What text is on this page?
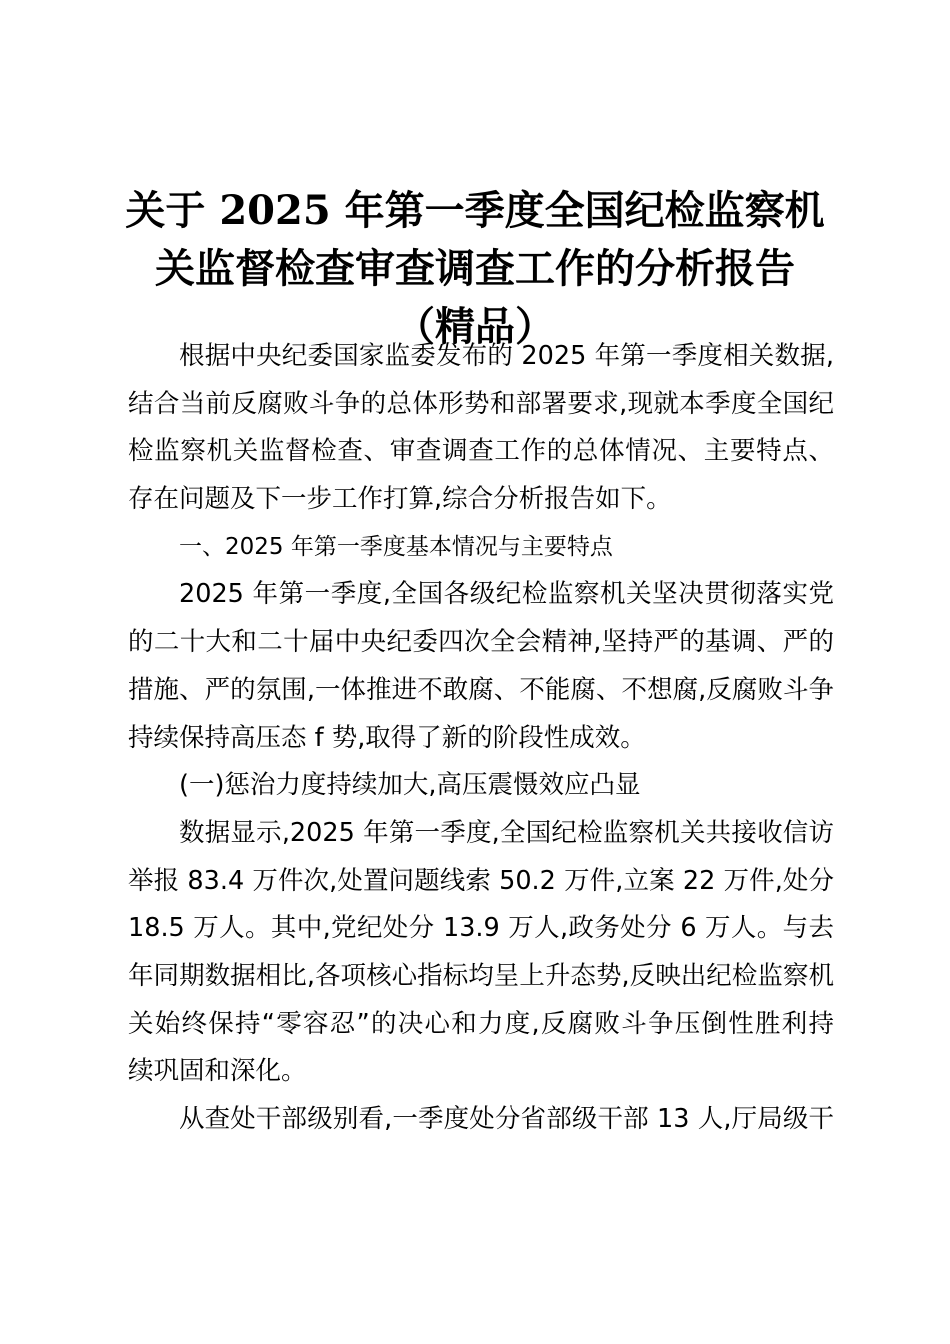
关于 2025 年第一季度全国纪检监察机
关监督检查审查调查工作的分析报告
（精品）
根据中央纪委国家监委发布的 2025 年第一季度相关数据,
结合当前反腐败斗争的总体形势和部署要求,现就本季度全国纪
检监察机关监督检查、审查调查工作的总体情况、主要特点、
存在问题及下一步工作打算,综合分析报告如下。
一、2025 年第一季度基本情况与主要特点
2025 年第一季度,全国各级纪检监察机关坚决贯彻落实党
的二十大和二十届中央纪委四次全会精神,坚持严的基调、严的
措施、严的氛围,一体推进不敢腐、不能腐、不想腐,反腐败斗争
持续保持高压态 f 势,取得了新的阶段性成效。
(一)惩治力度持续加大,高压震慑效应凸显
数据显示,2025 年第一季度,全国纪检监察机关共接收信访
举报 83.4 万件次,处置问题线索 50.2 万件,立案 22 万件,处分
18.5 万人。其中,党纪处分 13.9 万人,政务处分 6 万人。与去
年同期数据相比,各项核心指标均呈上升态势,反映出纪检监察机
关始终保持“零容忍”的决心和力度,反腐败斗争压倒性胜利持
续巩固和深化。
从查处干部级别看,一季度处分省部级干部 13 人,厅局级干
